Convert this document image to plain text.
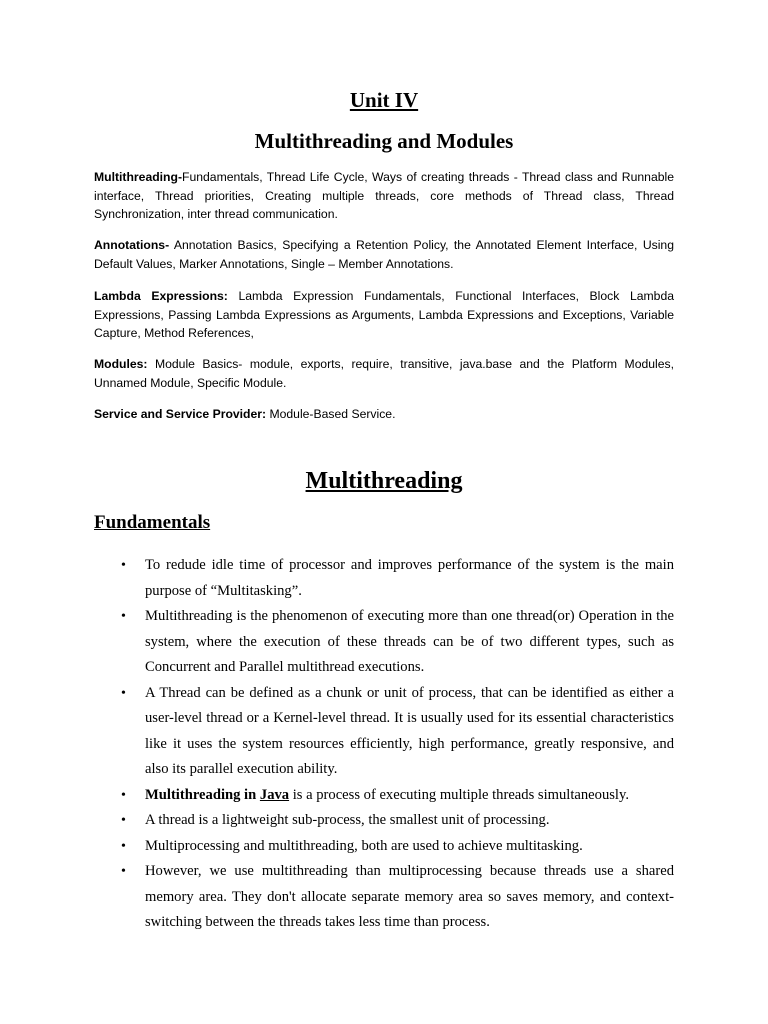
Unit IV
Multithreading and Modules

Multithreading-Fundamentals, Thread Life Cycle, Ways of creating threads - Thread class and Runnable interface, Thread priorities, Creating multiple threads, core methods of Thread class, Thread Synchronization, inter thread communication.

Annotations- Annotation Basics, Specifying a Retention Policy, the Annotated Element Interface, Using Default Values, Marker Annotations, Single – Member Annotations.

Lambda Expressions: Lambda Expression Fundamentals, Functional Interfaces, Block Lambda Expressions, Passing Lambda Expressions as Arguments, Lambda Expressions and Exceptions, Variable Capture, Method References,

Modules: Module Basics- module, exports, require, transitive, java.base and the Platform Modules, Unnamed Module, Specific Module.

Service and Service Provider: Module-Based Service.

Multithreading
Fundamentals
• To redude idle time of processor and improves performance of the system is the main purpose of “Multitasking”.
• Multithreading is the phenomenon of executing more than one thread(or) Operation in the system, where the execution of these threads can be of two different types, such as Concurrent and Parallel multithread executions.
• A Thread can be defined as a chunk or unit of process, that can be identified as either a user-level thread or a Kernel-level thread. It is usually used for its essential characteristics like it uses the system resources efficiently, high performance, greatly responsive, and also its parallel execution ability.
• Multithreading in Java is a process of executing multiple threads simultaneously.
• A thread is a lightweight sub-process, the smallest unit of processing.
• Multiprocessing and multithreading, both are used to achieve multitasking.
• However, we use multithreading than multiprocessing because threads use a shared memory area. They don't allocate separate memory area so saves memory, and context-switching between the threads takes less time than process.
